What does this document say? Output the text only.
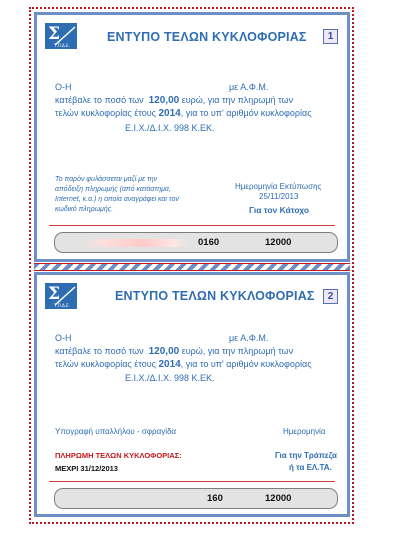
Σ
Τ.Π.Δ.Ε.
ΕΝΤΥΠΟ ΤΕΛΩΝ ΚΥΚΛΟΦΟΡΙΑΣ	1
Ο-Η	με Α.Φ.Μ.
κατέβαλε το ποσό των 120,00 ευρώ, για την πληρωμή των
τελών κυκλοφορίας έτους 2014, για το υπ' αριθμόν κυκλοφορίας
Ε.Ι.Χ./Δ.Ι.Χ. 998 Κ.ΕΚ.
Το παρόν φυλάσσεται μαζί με την απόδειξη πληρωμής (από κατάστημα, Internet, κ.α.) η οποία αναγράφει και τον κωδικό πληρωμής.
Ημερομηνία Εκτύπωσης
25/11/2013
Για τον Κάτοχο
0160	12000
Σ
Τ.Π.Δ.Ε.
ΕΝΤΥΠΟ ΤΕΛΩΝ ΚΥΚΛΟΦΟΡΙΑΣ	2
Ο-Η	με Α.Φ.Μ.
κατέβαλε το ποσό των 120,00 ευρώ, για την πληρωμή των
τελών κυκλοφορίας έτους 2014, για το υπ' αριθμόν κυκλοφορίας
Ε.Ι.Χ./Δ.Ι.Χ. 998 Κ.ΕΚ.
Υπογραφή υπαλλήλου - σφραγίδα	Ημερομηνία
ΠΛΗΡΩΜΗ ΤΕΛΩΝ ΚΥΚΛΟΦΟΡΙΑΣ:
ΜΕΧΡΙ 31/12/2013
Για την Τράπεζα
ή τα ΕΛ.ΤΑ.
160	12000
